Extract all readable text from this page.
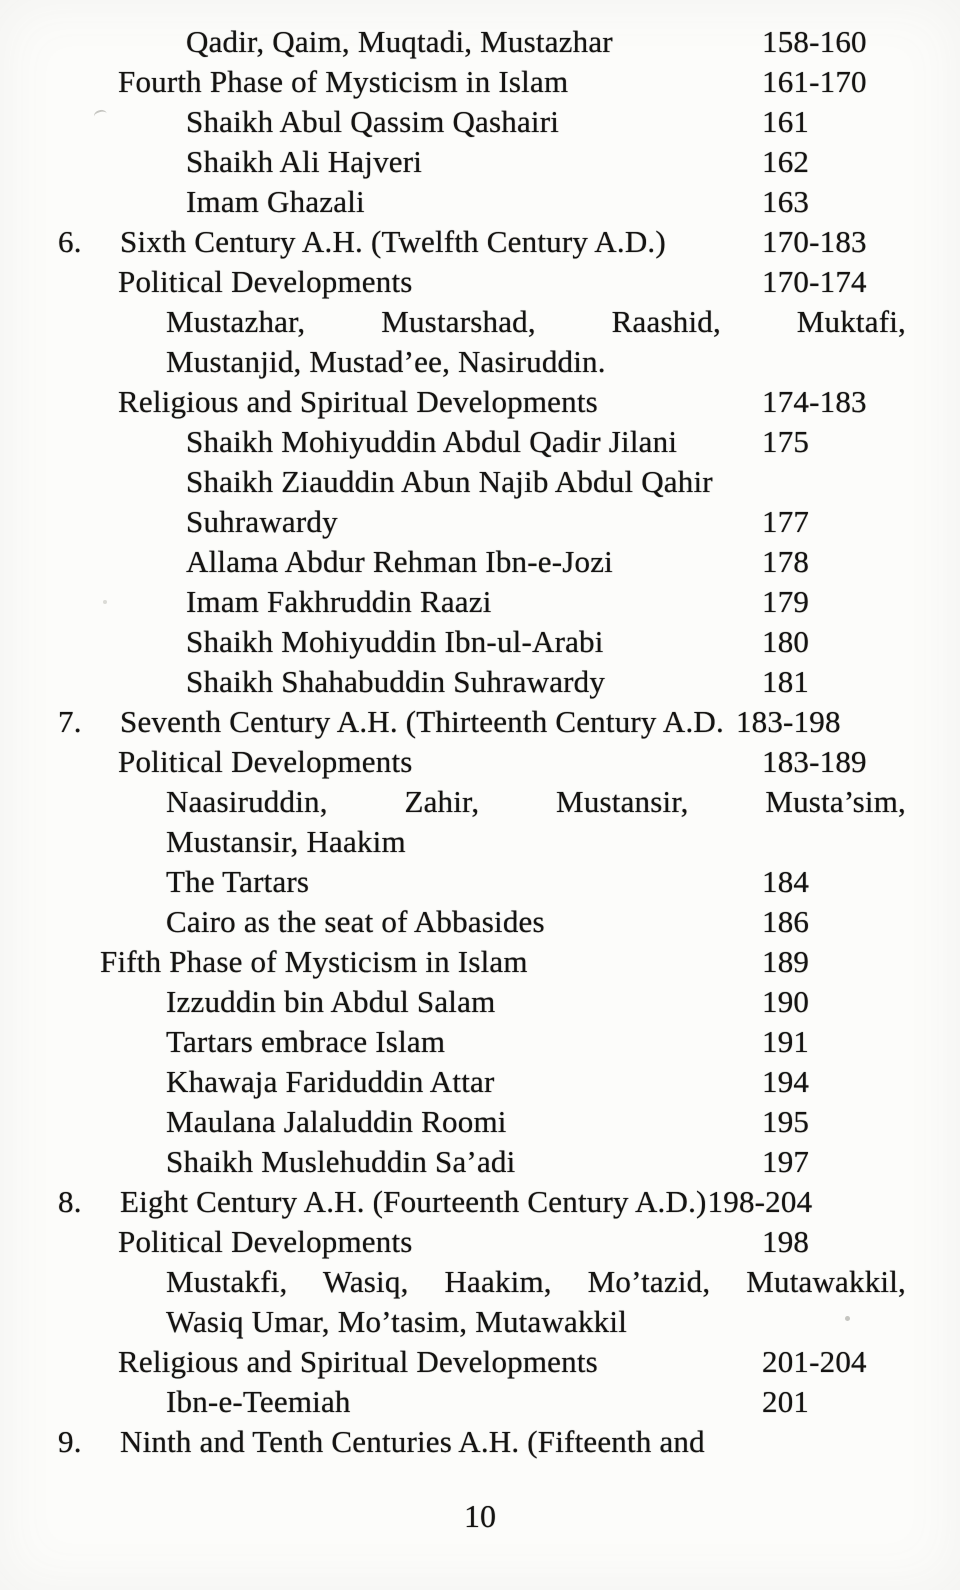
Qadir, Qaim, Muqtadi, Mustazhar	158-160
Fourth Phase of Mysticism in Islam	161-170
Shaikh Abul Qassim Qashairi	161
Shaikh Ali Hajveri	162
Imam Ghazali	163
6. Sixth Century A.H. (Twelfth Century A.D.)	170-183
Political Developments	170-174
Mustazhar, Mustarshad, Raashid, Muktafi,
Mustanjid, Mustad’ee, Nasiruddin.
Religious and Spiritual Developments	174-183
Shaikh Mohiyuddin Abdul Qadir Jilani	175
Shaikh Ziauddin Abun Najib Abdul Qahir
Suhrawardy	177
Allama Abdur Rehman Ibn-e-Jozi	178
Imam Fakhruddin Raazi	179
Shaikh Mohiyuddin Ibn-ul-Arabi	180
Shaikh Shahabuddin Suhrawardy	181
7. Seventh Century A.H. (Thirteenth Century A.D. 183-198
Political Developments	183-189
Naasiruddin, Zahir, Mustansir, Musta’sim,
Mustansir, Haakim
The Tartars	184
Cairo as the seat of Abbasides	186
Fifth Phase of Mysticism in Islam	189
Izzuddin bin Abdul Salam	190
Tartars embrace Islam	191
Khawaja Fariduddin Attar	194
Maulana Jalaluddin Roomi	195
Shaikh Muslehuddin Sa’adi	197
8. Eight Century A.H. (Fourteenth Century A.D.)198-204
Political Developments	198
Mustakfi, Wasiq, Haakim, Mo’tazid, Mutawakkil,
Wasiq Umar, Mo’tasim, Mutawakkil
Religious and Spiritual Developments	201-204
Ibn-e-Teemiah	201
9. Ninth and Tenth Centuries A.H. (Fifteenth and
10
